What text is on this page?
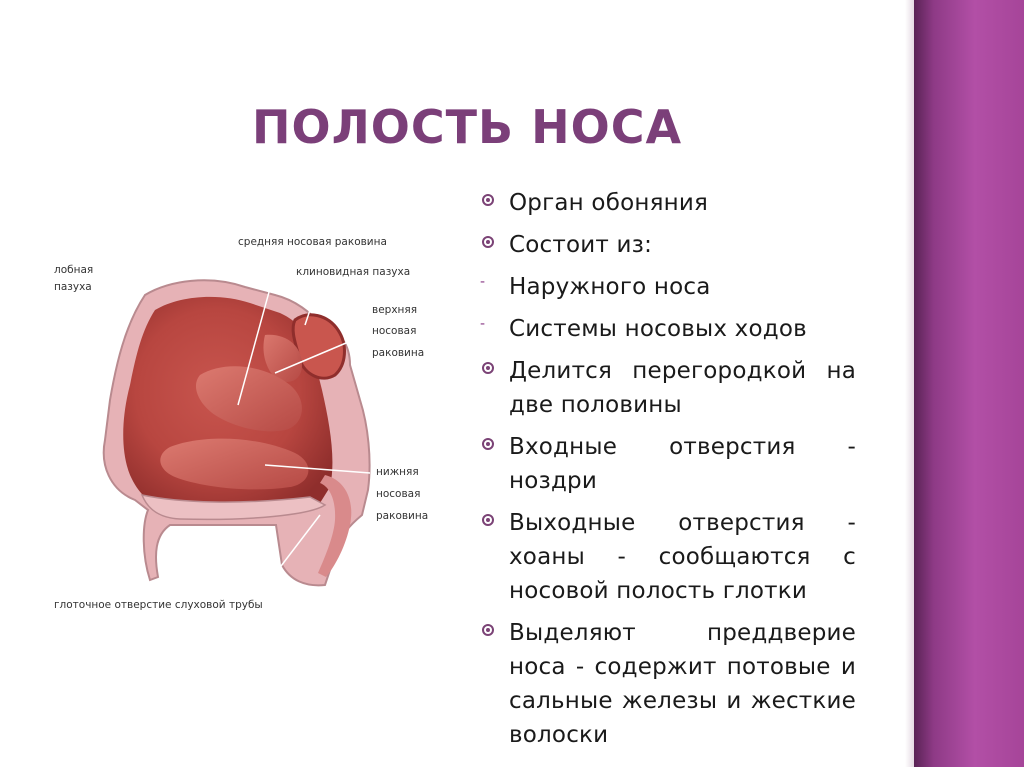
ПОЛОСТЬ НОСА
средняя носовая раковина
лобная
пазуха
клиновидная пазуха
верхняя
носовая
раковина
нижняя
носовая
раковина
глоточное отверстие слуховой трубы
Орган обоняния
Состоит из:
- Наружного носа
- Системы носовых ходов
Делится перегородкой на две половины
Входные отверстия - ноздри
Выходные отверстия - хоаны - сообщаются с носовой полость глотки
Выделяют преддверие носа - содержит потовые и сальные железы и жесткие волоски
